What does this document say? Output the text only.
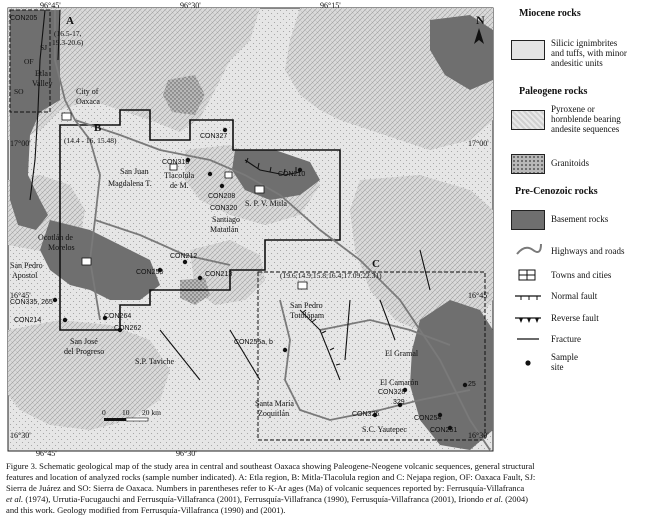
N
96°45'	96°30'	96°15'
96°45'	96°30'
17°00'	17°00'
16°45'	16°45'
16°30'	16°30'
A
(16.5-17,
19.3-20.6)
B
(14.4 - 16, 15.48)
C
(19.6;14.9;15.8;16.4;17.09;22.31)
SJ
SO
OF
CON205
Etla
Valley
City of
Oaxaca
San Juan
Magdalena T.
Tlacolula
de M.
S. P. V. Mitla
Santiago
Matatlán
Ocotlán de
Morelos
San Pedro
Apostol
San José
del Progreso
S.P. Taviche
San Pedro
Totolápam
Santa María
Zoquitlán
El Gramal
El Camarón
S.C. Yautepec
CON327
CON316
CON208
CON320
CON210
CON212
CON258	CON213
CON335, 265
CON214
CON264
CON262
CON255a, b
CON328
329
CON326
CON254
CON251
25
0 10 20 km
Miocene rocks
Silicic ignimbrites
and tuffs, with minor
andesitic units
Paleogene rocks
Pyroxene or
hornblende bearing
andesite sequences
Granitoids
Pre-Cenozoic rocks
Basement rocks
Highways and roads
Towns and cities
Normal fault
Reverse fault
Fracture
Sample
site
Figure 3. Schematic geological map of the study area in central and southeast Oaxaca showing Paleogene-Neogene volcanic sequences, general structural
features and location of analyzed rocks (sample number indicated). A: Etla region, B: Mitla-Tlacolula region and C: Nejapa region, OF: Oaxaca Fault, SJ:
Sierra de Juárez and SO: Sierra de Oaxaca. Numbers in parentheses refer to K-Ar ages (Ma) of volcanic sequences reported by: Ferrusquía-Villafranca
et al. (1974), Urrutia-Fucugauchi and Ferrusquía-Villafranca (2001), Ferrusquía-Villafranca (1990), Ferrusquía-Villafranca (2001), Iriondo et al. (2004)
and this work. Geology modified from Ferrusquía-Villafranca (1990) and (2001).
